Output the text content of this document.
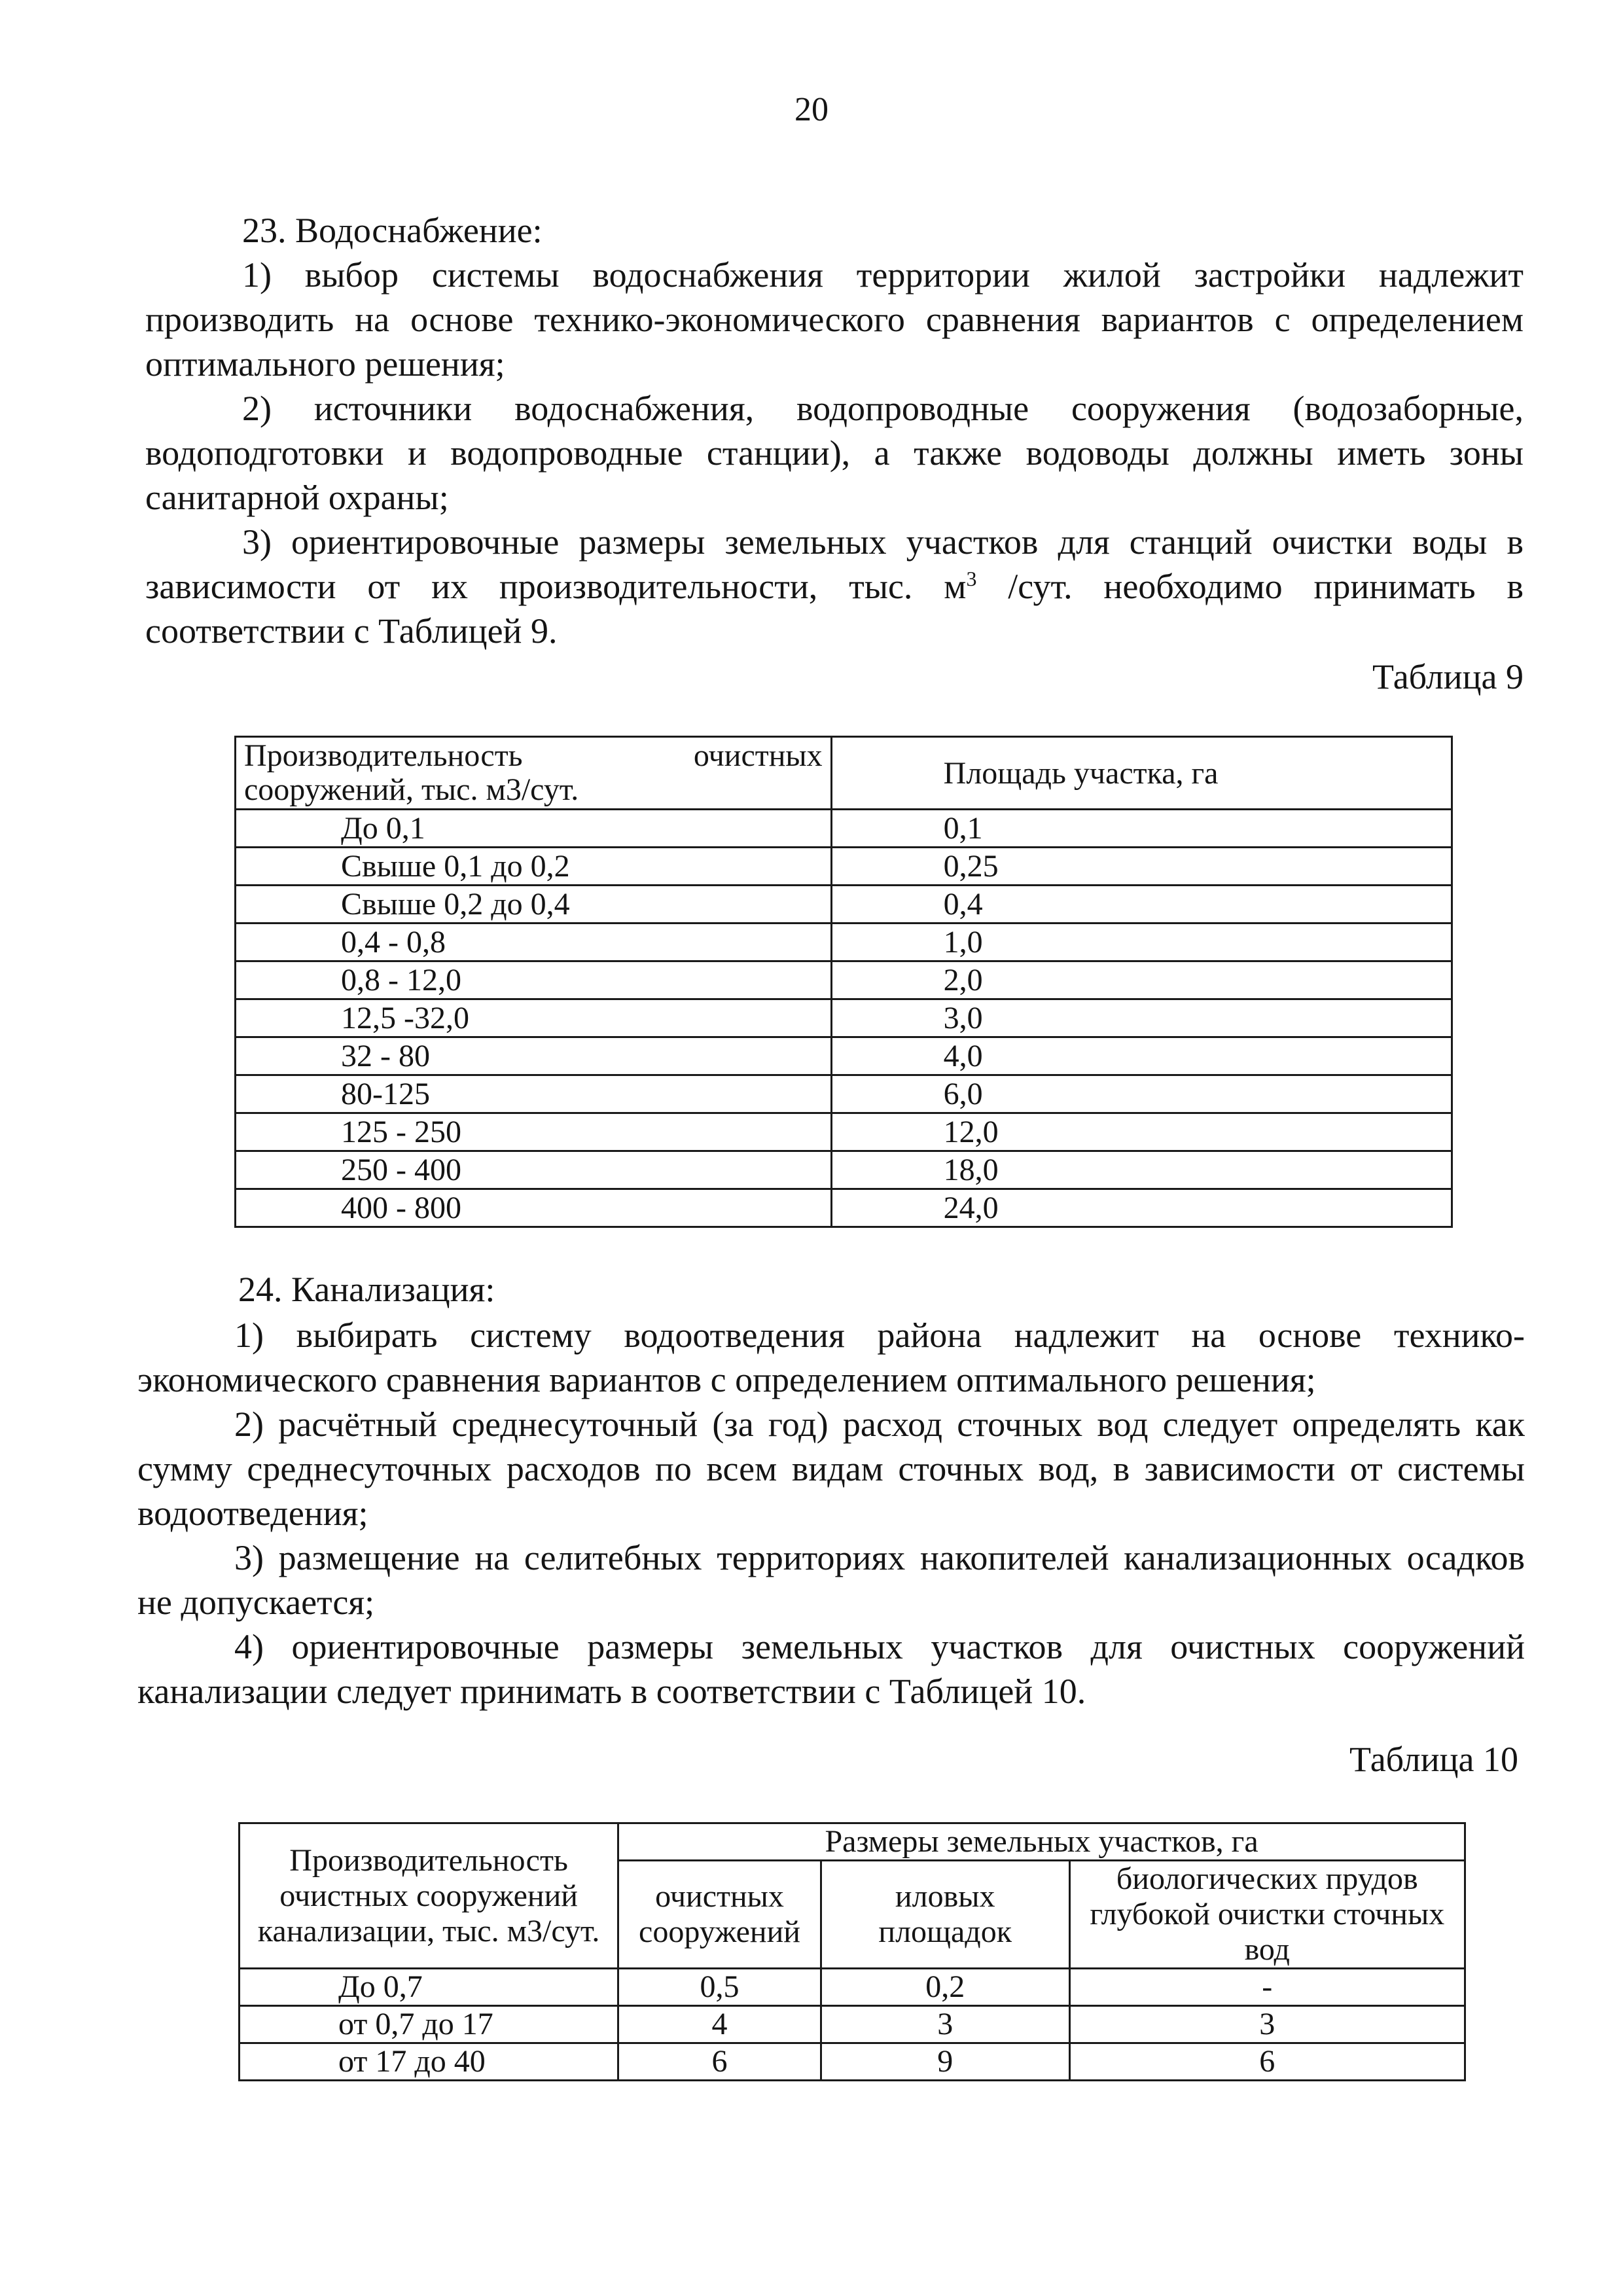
20

23. Водоснабжение:

1) выбор системы водоснабжения территории жилой застройки надлежит производить на основе технико-экономического сравнения вариантов с определением оптимального решения;

2) источники водоснабжения, водопроводные сооружения (водозаборные, водоподготовки и водопроводные станции), а также водоводы должны иметь зоны санитарной охраны;

3) ориентировочные размеры земельных участков для станций очистки воды в зависимости от их производительности, тыс. $м^3$ /сут. необходимо принимать в соответствии с Таблицей 9.

Таблица 9
Производительность очистных сооружений, тыс. м3/сут.	Площадь участка, га
До 0,1	0,1
Свыше 0,1 до 0,2	0,25
Свыше 0,2 до 0,4	0,4
0,4 - 0,8	1,0
0,8 - 12,0	2,0
12,5 -32,0	3,0
32 - 80	4,0
80-125	6,0
125 - 250	12,0
250 - 400	18,0
400 - 800	24,0

24. Канализация:

1) выбирать систему водоотведения района надлежит на основе технико-экономического сравнения вариантов с определением оптимального решения;

2) расчётный среднесуточный (за год) расход сточных вод следует определять как сумму среднесуточных расходов по всем видам сточных вод, в зависимости от системы водоотведения;

3) размещение на селитебных территориях накопителей канализационных осадков не допускается;

4) ориентировочные размеры земельных участков для очистных сооружений канализации следует принимать в соответствии с Таблицей 10.

Таблица 10
Производительность очистных сооружений канализации, тыс. м3/сут.	Размеры земельных участков, га		
	очистных сооружений	иловых площадок	биологических прудов глубокой очистки сточных вод
До 0,7	0,5	0,2	-
от 0,7 до 17	4	3	3
от 17 до 40	6	9	6
